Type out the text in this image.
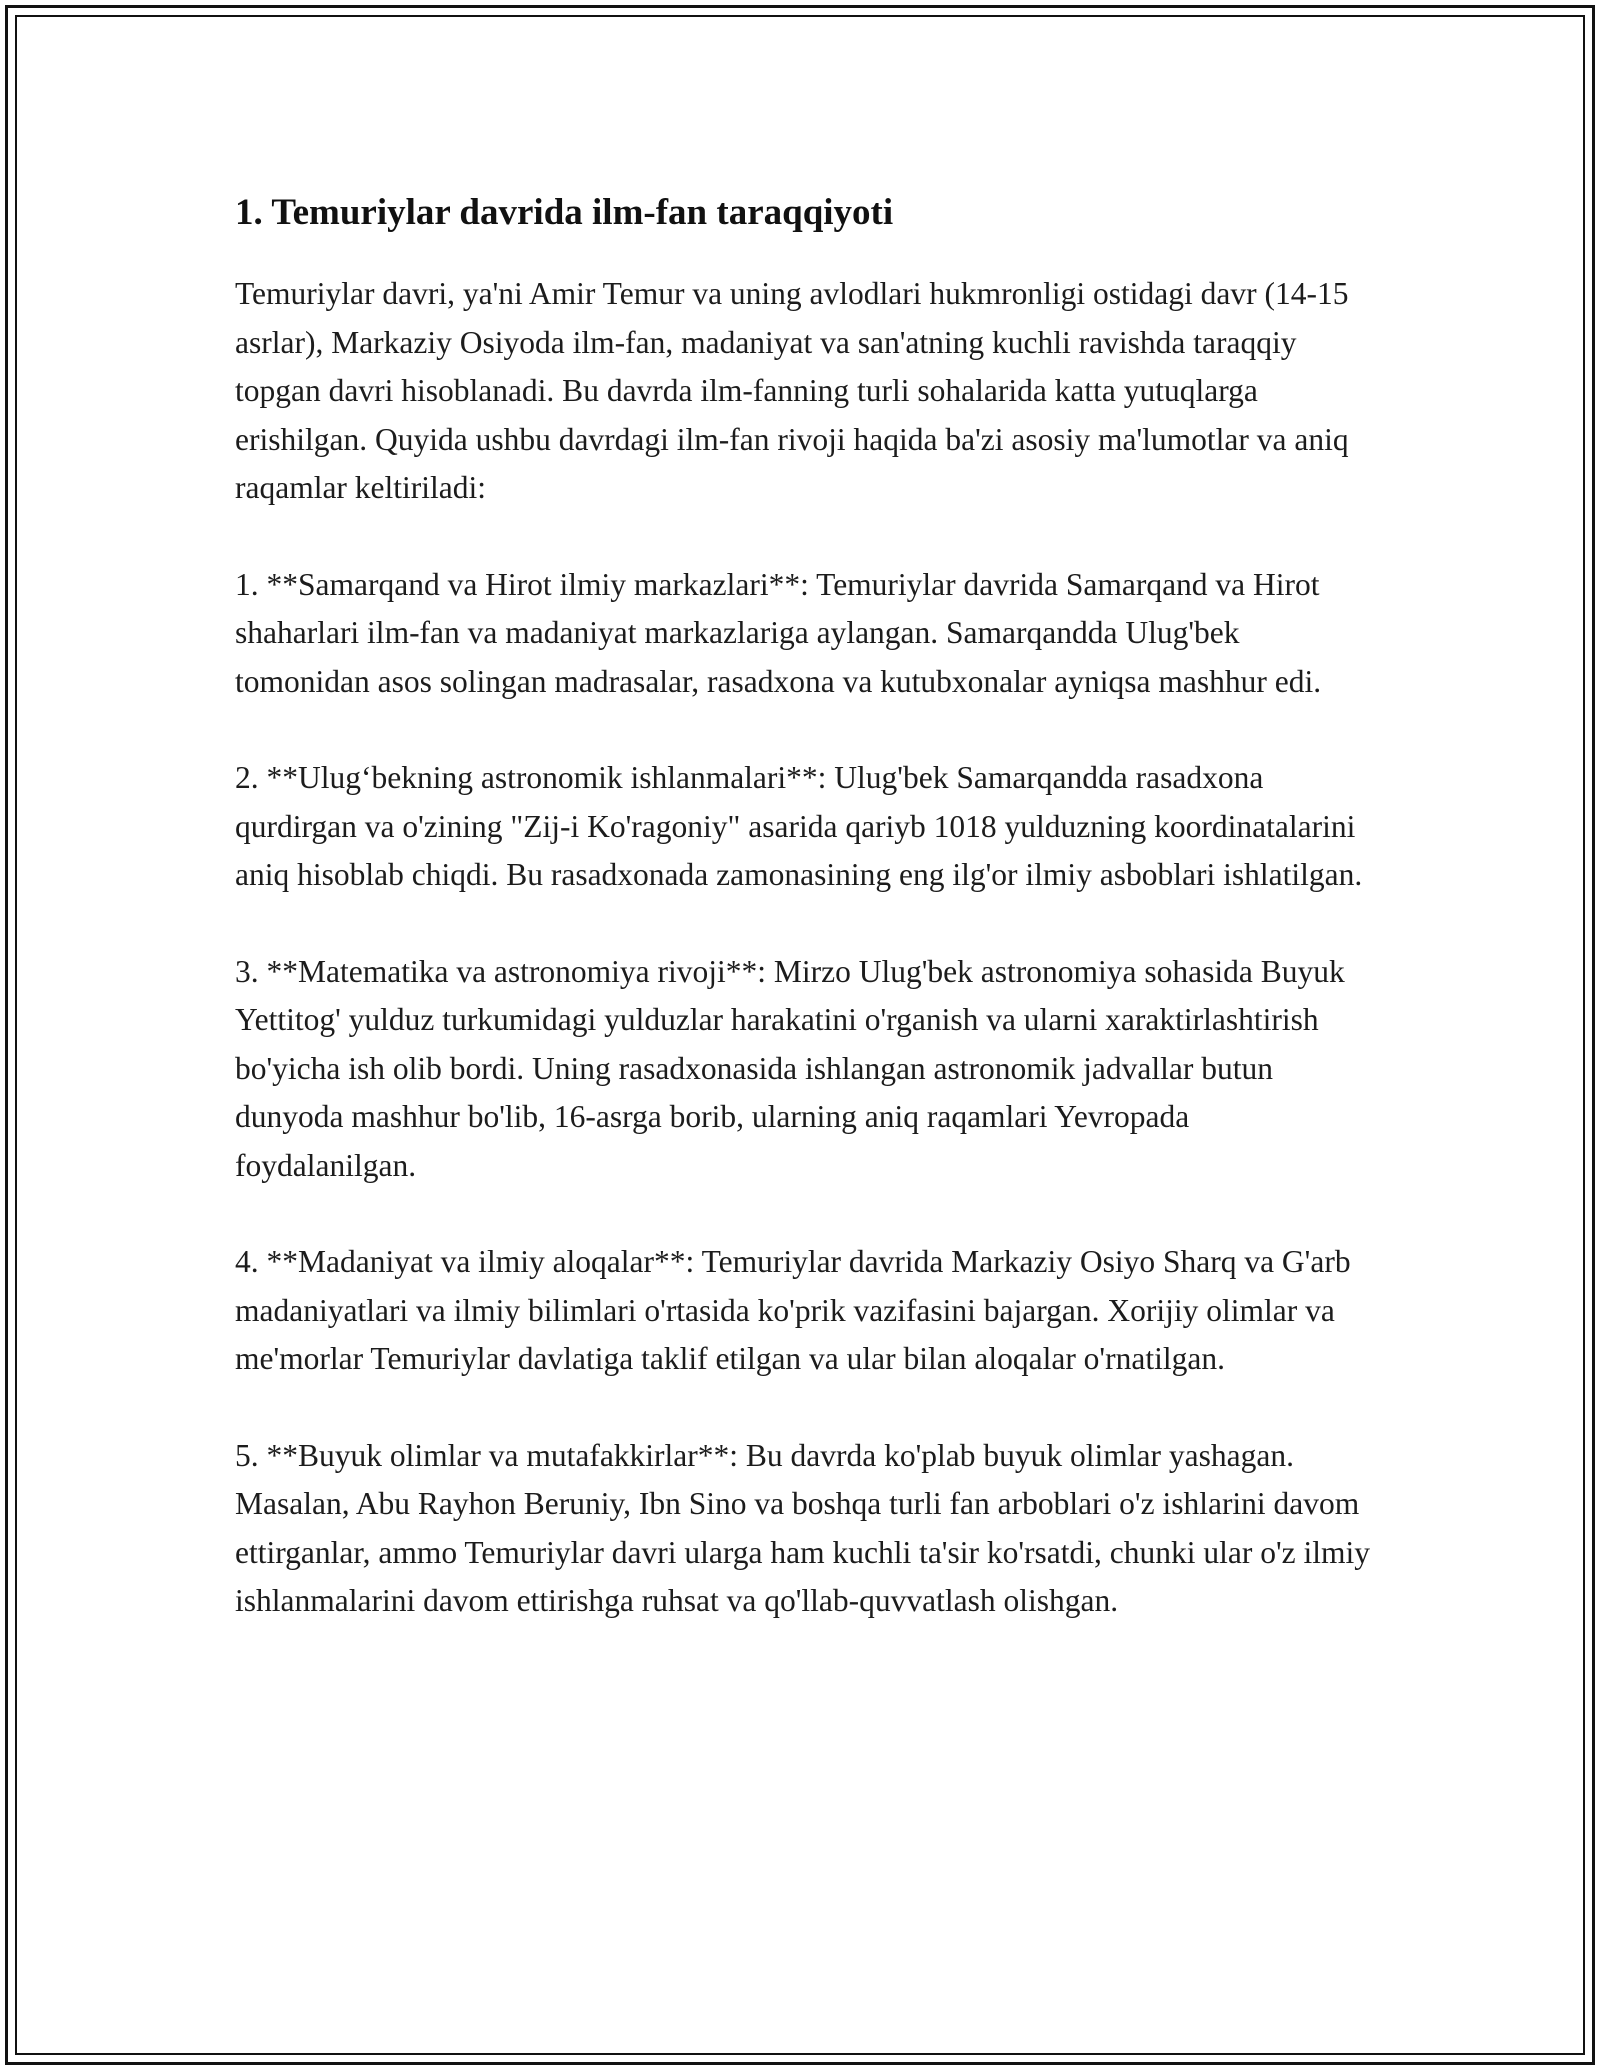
1. Temuriylar davrida ilm-fan taraqqiyoti

Temuriylar davri, ya'ni Amir Temur va uning avlodlari hukmronligi ostidagi davr (14-15 asrlar), Markaziy Osiyoda ilm-fan, madaniyat va san'atning kuchli ravishda taraqqiy topgan davri hisoblanadi. Bu davrda ilm-fanning turli sohalarida katta yutuqlarga erishilgan. Quyida ushbu davrdagi ilm-fan rivoji haqida ba'zi asosiy ma'lumotlar va aniq raqamlar keltiriladi:

1. **Samarqand va Hirot ilmiy markazlari**: Temuriylar davrida Samarqand va Hirot shaharlari ilm-fan va madaniyat markazlariga aylangan. Samarqandda Ulug'bek tomonidan asos solingan madrasalar, rasadxona va kutubxonalar ayniqsa mashhur edi.

2. **Ulug‘bekning astronomik ishlanmalari**: Ulug'bek Samarqandda rasadxona qurdirgan va o'zining "Zij-i Ko'ragoniy" asarida qariyb 1018 yulduzning koordinatalarini aniq hisoblab chiqdi. Bu rasadxonada zamonasining eng ilg'or ilmiy asboblari ishlatilgan.

3. **Matematika va astronomiya rivoji**: Mirzo Ulug'bek astronomiya sohasida Buyuk Yettitog' yulduz turkumidagi yulduzlar harakatini o'rganish va ularni xaraktirlashtirish bo'yicha ish olib bordi. Uning rasadxonasida ishlangan astronomik jadvallar butun dunyoda mashhur bo'lib, 16-asrga borib, ularning aniq raqamlari Yevropada foydalanilgan.

4. **Madaniyat va ilmiy aloqalar**: Temuriylar davrida Markaziy Osiyo Sharq va G'arb madaniyatlari va ilmiy bilimlari o'rtasida ko'prik vazifasini bajargan. Xorijiy olimlar va me'morlar Temuriylar davlatiga taklif etilgan va ular bilan aloqalar o'rnatilgan.

5. **Buyuk olimlar va mutafakkirlar**: Bu davrda ko'plab buyuk olimlar yashagan. Masalan, Abu Rayhon Beruniy, Ibn Sino va boshqa turli fan arboblari o'z ishlarini davom ettirganlar, ammo Temuriylar davri ularga ham kuchli ta'sir ko'rsatdi, chunki ular o'z ilmiy ishlanmalarini davom ettirishga ruhsat va qo'llab-quvvatlash olishgan.
